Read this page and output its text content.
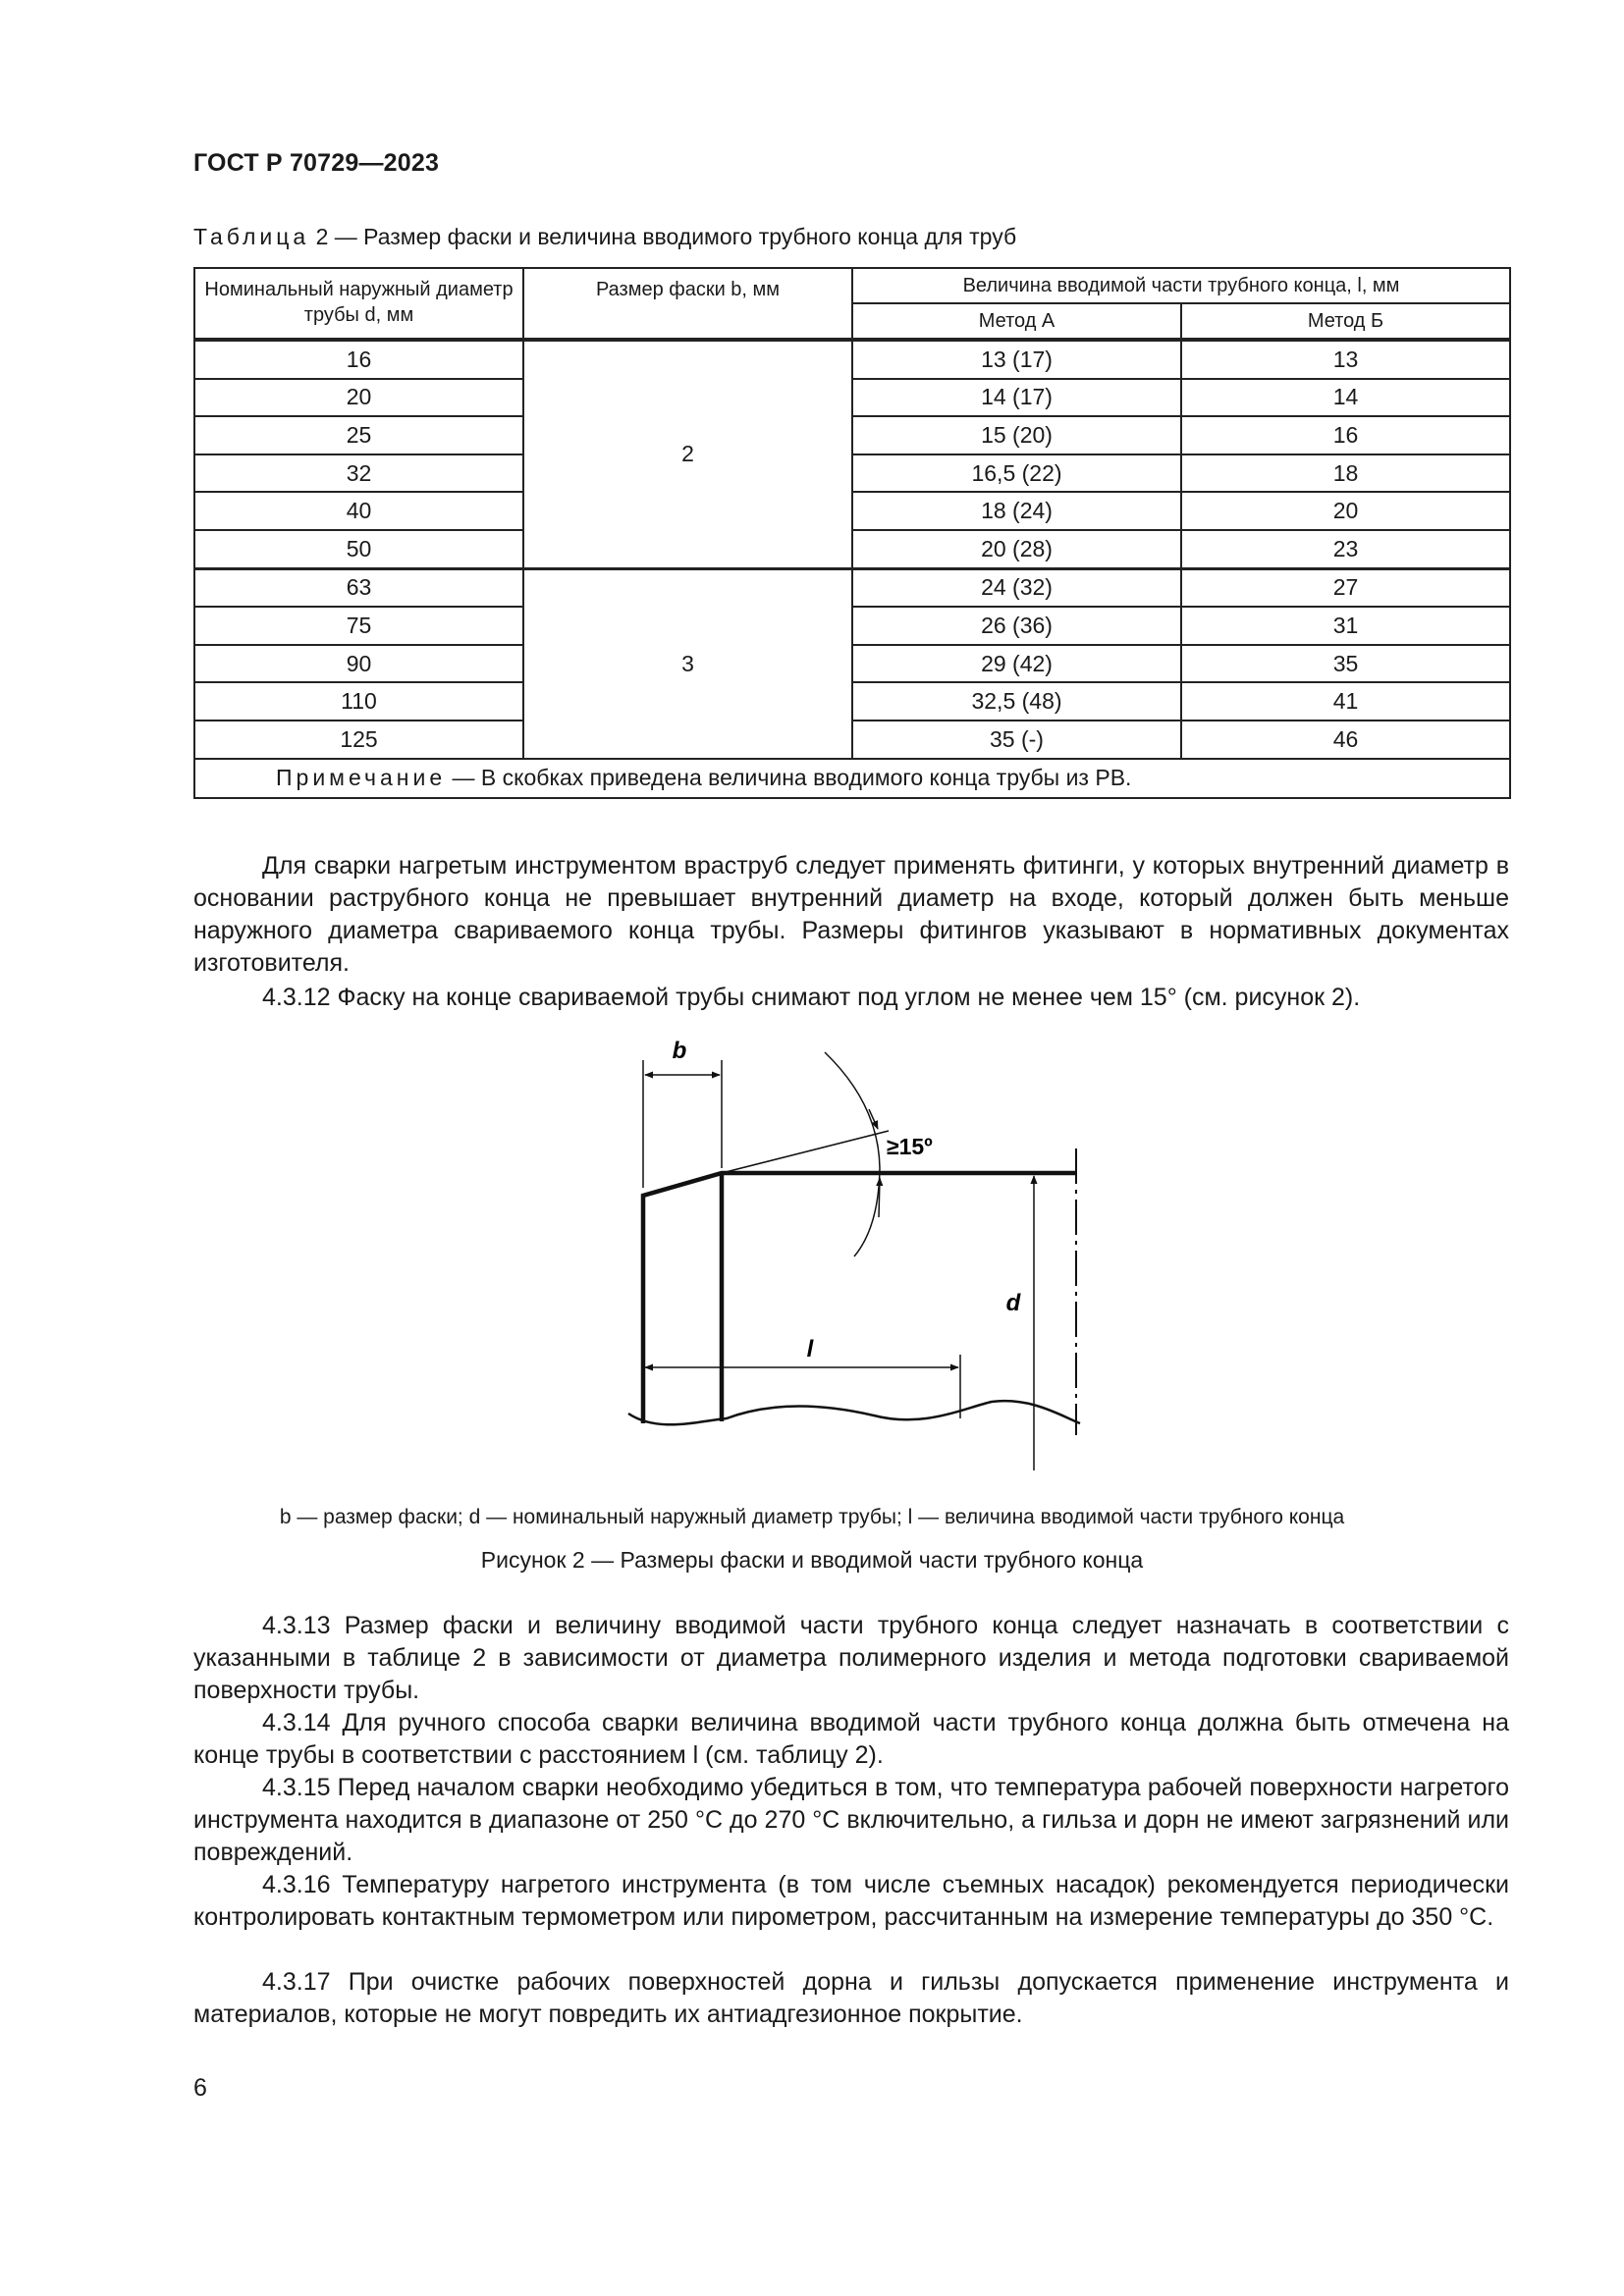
ГОСТ Р 70729—2023
Таблица 2 — Размер фаски и величина вводимого трубного конца для труб
Номинальный наружный диаметр трубы d, мм	Размер фаски b, мм	Величина вводимой части трубного конца, l, мм	
		Метод А	Метод Б
16	2	13 (17)	13
20		14 (17)	14
25		15 (20)	16
32		16,5 (22)	18
40		18 (24)	20
50		20 (28)	23
63	3	24 (32)	27
75		26 (36)	31
90		29 (42)	35
110		32,5 (48)	41
125		35 (-)	46
Примечание — В скобках приведена величина вводимого конца трубы из РВ.			

Для сварки нагретым инструментом враструб следует применять фитинги, у которых внутренний диаметр в основании раструбного конца не превышает внутренний диаметр на входе, который должен быть меньше наружного диаметра свариваемого конца трубы. Размеры фитингов указывают в нормативных документах изготовителя.

4.3.12 Фаску на конце свариваемой трубы снимают под углом не менее чем 15° (см. рисунок 2).

b
≥15º
d
l
b — размер фаски; d — номинальный наружный диаметр трубы; l — величина вводимой части трубного конца
Рисунок 2 — Размеры фаски и вводимой части трубного конца

4.3.13 Размер фаски и величину вводимой части трубного конца следует назначать в соответствии с указанными в таблице 2 в зависимости от диаметра полимерного изделия и метода подготовки свариваемой поверхности трубы.

4.3.14 Для ручного способа сварки величина вводимой части трубного конца должна быть отмечена на конце трубы в соответствии с расстоянием l (см. таблицу 2).

4.3.15 Перед началом сварки необходимо убедиться в том, что температура рабочей поверхности нагретого инструмента находится в диапазоне от 250 °C до 270 °C включительно, а гильза и дорн не имеют загрязнений или повреждений.

4.3.16 Температуру нагретого инструмента (в том числе съемных насадок) рекомендуется периодически контролировать контактным термометром или пирометром, рассчитанным на измерение температуры до 350 °C.

4.3.17 При очистке рабочих поверхностей дорна и гильзы допускается применение инструмента и материалов, которые не могут повредить их антиадгезионное покрытие.

6
